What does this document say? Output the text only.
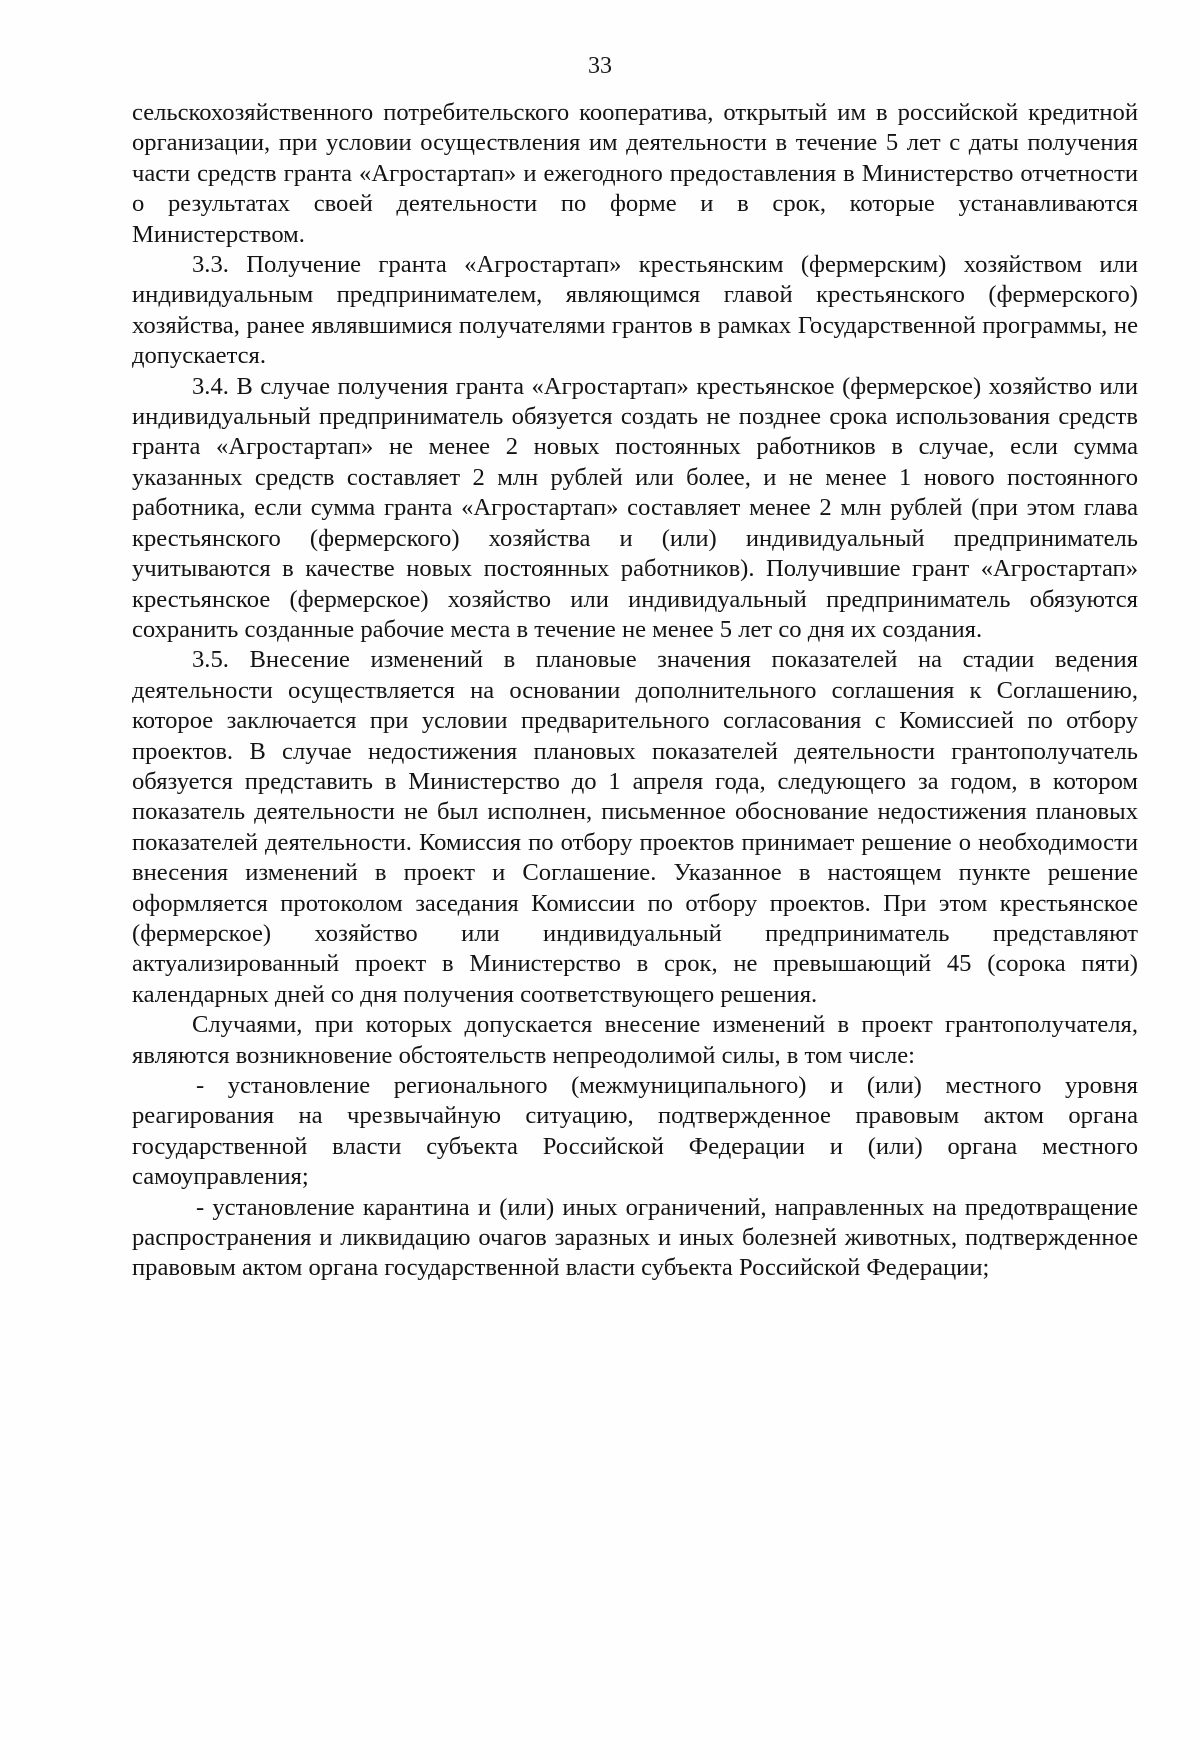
33

сельскохозяйственного потребительского кооператива, открытый им в российской кредитной организации, при условии осуществления им деятельности в течение 5 лет с даты получения части средств гранта «Агростартап» и ежегодного предоставления в Министерство отчетности о результатах своей деятельности по форме и в срок, которые устанавливаются Министерством.

3.3. Получение гранта «Агростартап» крестьянским (фермерским) хозяйством или индивидуальным предпринимателем, являющимся главой крестьянского (фермерского) хозяйства, ранее являвшимися получателями грантов в рамках Государственной программы, не допускается.

3.4. В случае получения гранта «Агростартап» крестьянское (фермерское) хозяйство или индивидуальный предприниматель обязуется создать не позднее срока использования средств гранта «Агростартап» не менее 2 новых постоянных работников в случае, если сумма указанных средств составляет 2 млн рублей или более, и не менее 1 нового постоянного работника, если сумма гранта «Агростартап» составляет менее 2 млн рублей (при этом глава крестьянского (фермерского) хозяйства и (или) индивидуальный предприниматель учитываются в качестве новых постоянных работников). Получившие грант «Агростартап» крестьянское (фермерское) хозяйство или индивидуальный предприниматель обязуются сохранить созданные рабочие места в течение не менее 5 лет со дня их создания.

3.5. Внесение изменений в плановые значения показателей на стадии ведения деятельности осуществляется на основании дополнительного соглашения к Соглашению, которое заключается при условии предварительного согласования с Комиссией по отбору проектов. В случае недостижения плановых показателей деятельности грантополучатель обязуется представить в Министерство до 1 апреля года, следующего за годом, в котором показатель деятельности не был исполнен, письменное обоснование недостижения плановых показателей деятельности. Комиссия по отбору проектов принимает решение о необходимости внесения изменений в проект и Соглашение. Указанное в настоящем пункте решение оформляется протоколом заседания Комиссии по отбору проектов. При этом крестьянское (фермерское) хозяйство или индивидуальный предприниматель представляют актуализированный проект в Министерство в срок, не превышающий 45 (сорока пяти) календарных дней со дня получения соответствующего решения.

Случаями, при которых допускается внесение изменений в проект грантополучателя, являются возникновение обстоятельств непреодолимой силы, в том числе:

- установление регионального (межмуниципального) и (или) местного уровня реагирования на чрезвычайную ситуацию, подтвержденное правовым актом органа государственной власти субъекта Российской Федерации и (или) органа местного самоуправления;

- установление карантина и (или) иных ограничений, направленных на предотвращение распространения и ликвидацию очагов заразных и иных болезней животных, подтвержденное правовым актом органа государственной власти субъекта Российской Федерации;
